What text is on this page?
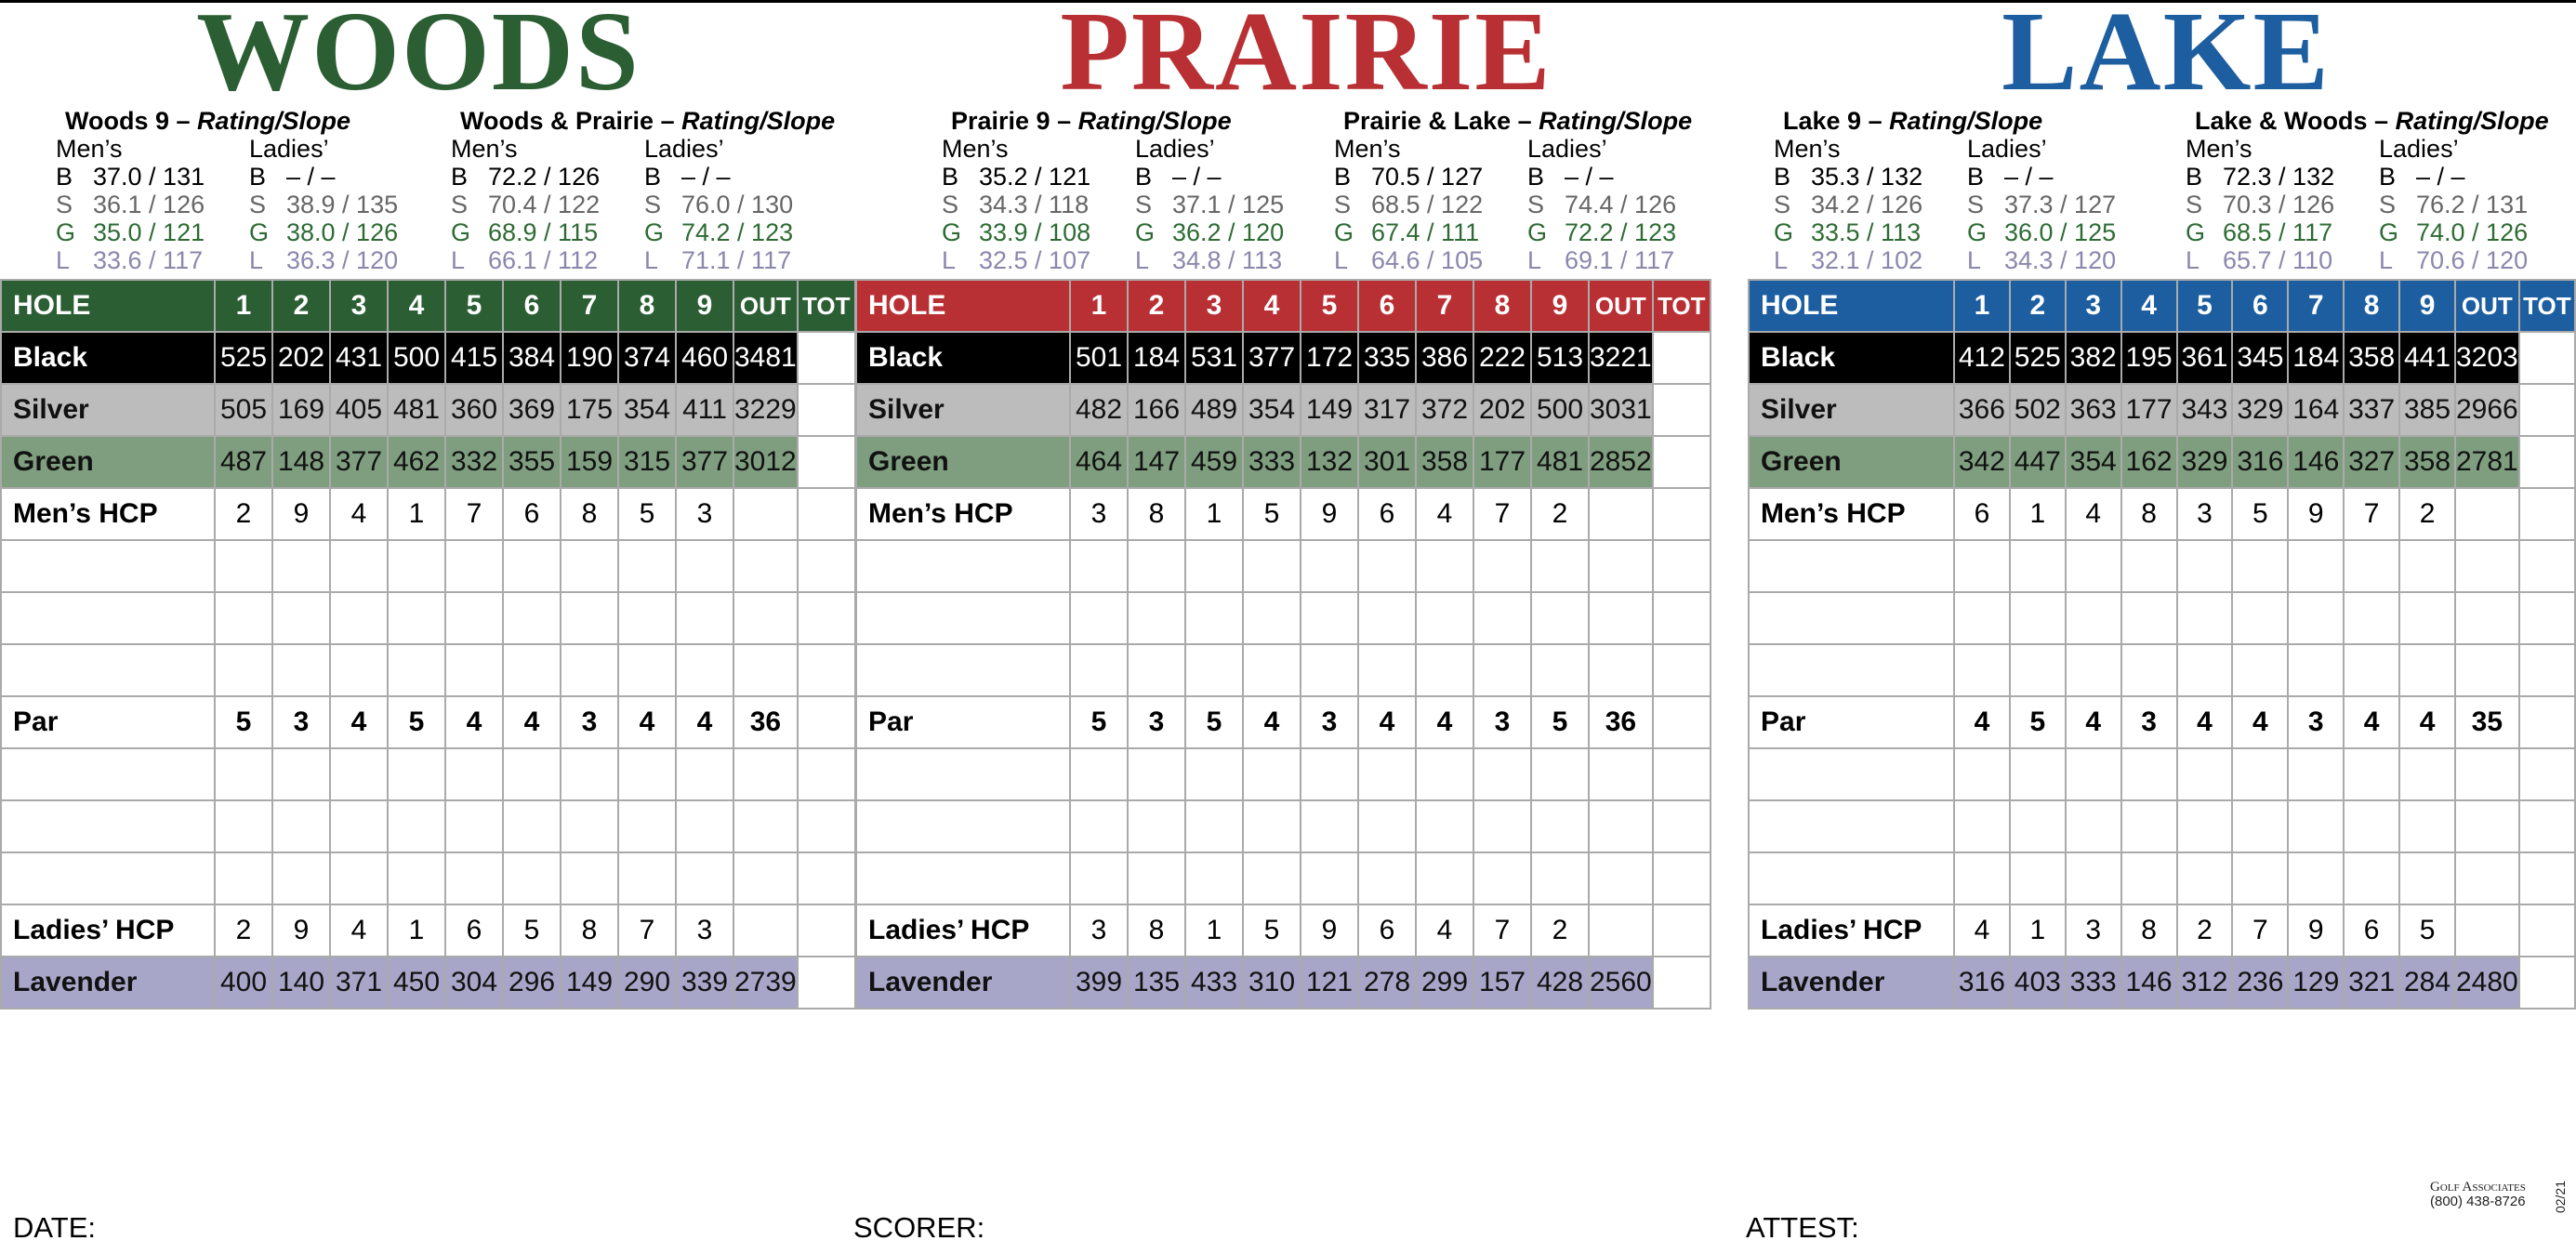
WOODS
Woods 9 – Rating/Slope
Men’s
B 37.0 / 131
S 36.1 / 126
G 35.0 / 121
L 33.6 / 117
Ladies’
B – / –
S 38.9 / 135
G 38.0 / 126
L 36.3 / 120
Woods & Prairie – Rating/Slope
Men’s
B 72.2 / 126
S 70.4 / 122
G 68.9 / 115
L 66.1 / 112
Ladies’
B – / –
S 76.0 / 130
G 74.2 / 123
L 71.1 / 117
HOLE	1	2	3	4	5	6	7	8	9	OUT	TOT
Black	525	202	431	500	415	384	190	374	460	3481	
Silver	505	169	405	481	360	369	175	354	411	3229	
Green	487	148	377	462	332	355	159	315	377	3012	
Men’s HCP	2	9	4	1	7	6	8	5	3		

Par	5	3	4	5	4	4	3	4	4	36	

Ladies’ HCP	2	9	4	1	6	5	8	7	3		
Lavender	400	140	371	450	304	296	149	290	339	2739	
PRAIRIE
Prairie 9 – Rating/Slope
Men’s
B 35.2 / 121
S 34.3 / 118
G 33.9 / 108
L 32.5 / 107
Ladies’
B – / –
S 37.1 / 125
G 36.2 / 120
L 34.8 / 113
Prairie & Lake – Rating/Slope
Men’s
B 70.5 / 127
S 68.5 / 122
G 67.4 / 111
L 64.6 / 105
Ladies’
B – / –
S 74.4 / 126
G 72.2 / 123
L 69.1 / 117
HOLE	1	2	3	4	5	6	7	8	9	OUT	TOT
Black	501	184	531	377	172	335	386	222	513	3221	
Silver	482	166	489	354	149	317	372	202	500	3031	
Green	464	147	459	333	132	301	358	177	481	2852	
Men’s HCP	3	8	1	5	9	6	4	7	2		

Par	5	3	5	4	3	4	4	3	5	36	

Ladies’ HCP	3	8	1	5	9	6	4	7	2		
Lavender	399	135	433	310	121	278	299	157	428	2560	
LAKE
Lake 9 – Rating/Slope
Men’s
B 35.3 / 132
S 34.2 / 126
G 33.5 / 113
L 32.1 / 102
Ladies’
B – / –
S 37.3 / 127
G 36.0 / 125
L 34.3 / 120
Lake & Woods – Rating/Slope
Men’s
B 72.3 / 132
S 70.3 / 126
G 68.5 / 117
L 65.7 / 110
Ladies’
B – / –
S 76.2 / 131
G 74.0 / 126
L 70.6 / 120
HOLE	1	2	3	4	5	6	7	8	9	OUT	TOT
Black	412	525	382	195	361	345	184	358	441	3203	
Silver	366	502	363	177	343	329	164	337	385	2966	
Green	342	447	354	162	329	316	146	327	358	2781	
Men’s HCP	6	1	4	8	3	5	9	7	2		

Par	4	5	4	3	4	4	3	4	4	35	

Ladies’ HCP	4	1	3	8	2	7	9	6	5		
Lavender	316	403	333	146	312	236	129	321	284	2480	
DATE:	SCORER:	ATTEST:
Golf Associates
(800) 438-8726 02/21
